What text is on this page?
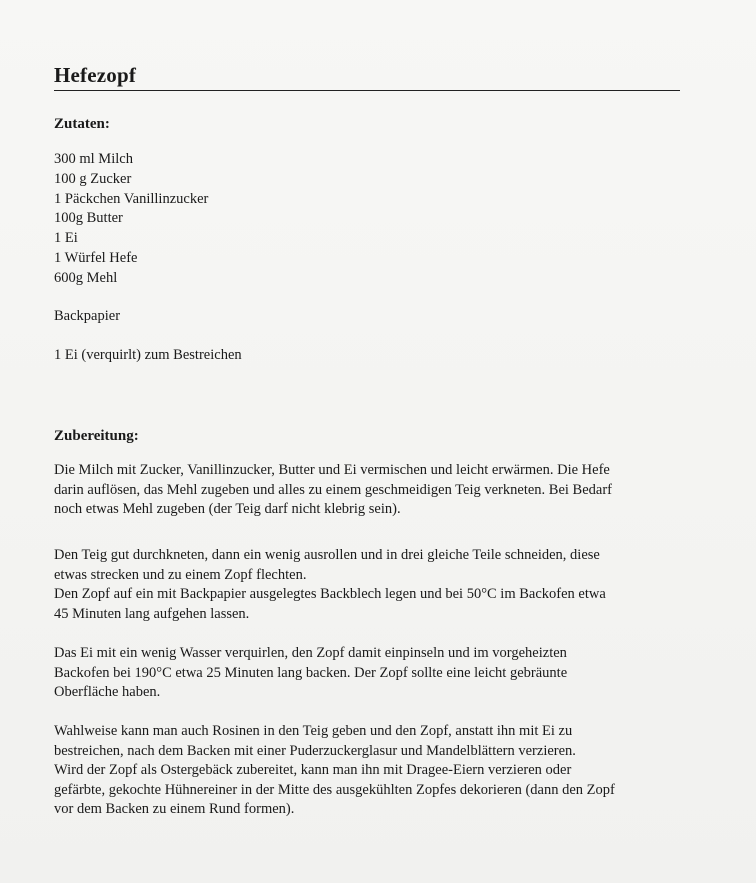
Hefezopf
Zutaten:
300 ml Milch
100 g Zucker
1 Päckchen Vanillinzucker
100g Butter
1 Ei
1 Würfel Hefe
600g Mehl
Backpapier
1 Ei (verquirlt) zum Bestreichen
Zubereitung:

Die Milch mit Zucker, Vanillinzucker, Butter und Ei vermischen und leicht erwärmen. Die Hefe
darin auflösen, das Mehl zugeben und alles zu einem geschmeidigen Teig verkneten. Bei Bedarf
noch etwas Mehl zugeben (der Teig darf nicht klebrig sein).

Den Teig gut durchkneten, dann ein wenig ausrollen und in drei gleiche Teile schneiden, diese
etwas strecken und zu einem Zopf flechten.
Den Zopf auf ein mit Backpapier ausgelegtes Backblech legen und bei 50°C im Backofen etwa
45 Minuten lang aufgehen lassen.

Das Ei mit ein wenig Wasser verquirlen, den Zopf damit einpinseln und im vorgeheizten
Backofen bei 190°C etwa 25 Minuten lang backen. Der Zopf sollte eine leicht gebräunte
Oberfläche haben.

Wahlweise kann man auch Rosinen in den Teig geben und den Zopf, anstatt ihn mit Ei zu
bestreichen, nach dem Backen mit einer Puderzuckerglasur und Mandelblättern verzieren.
Wird der Zopf als Ostergebäck zubereitet, kann man ihn mit Dragee-Eiern verzieren oder
gefärbte, gekochte Hühnereiner in der Mitte des ausgekühlten Zopfes dekorieren (dann den Zopf
vor dem Backen zu einem Rund formen).
